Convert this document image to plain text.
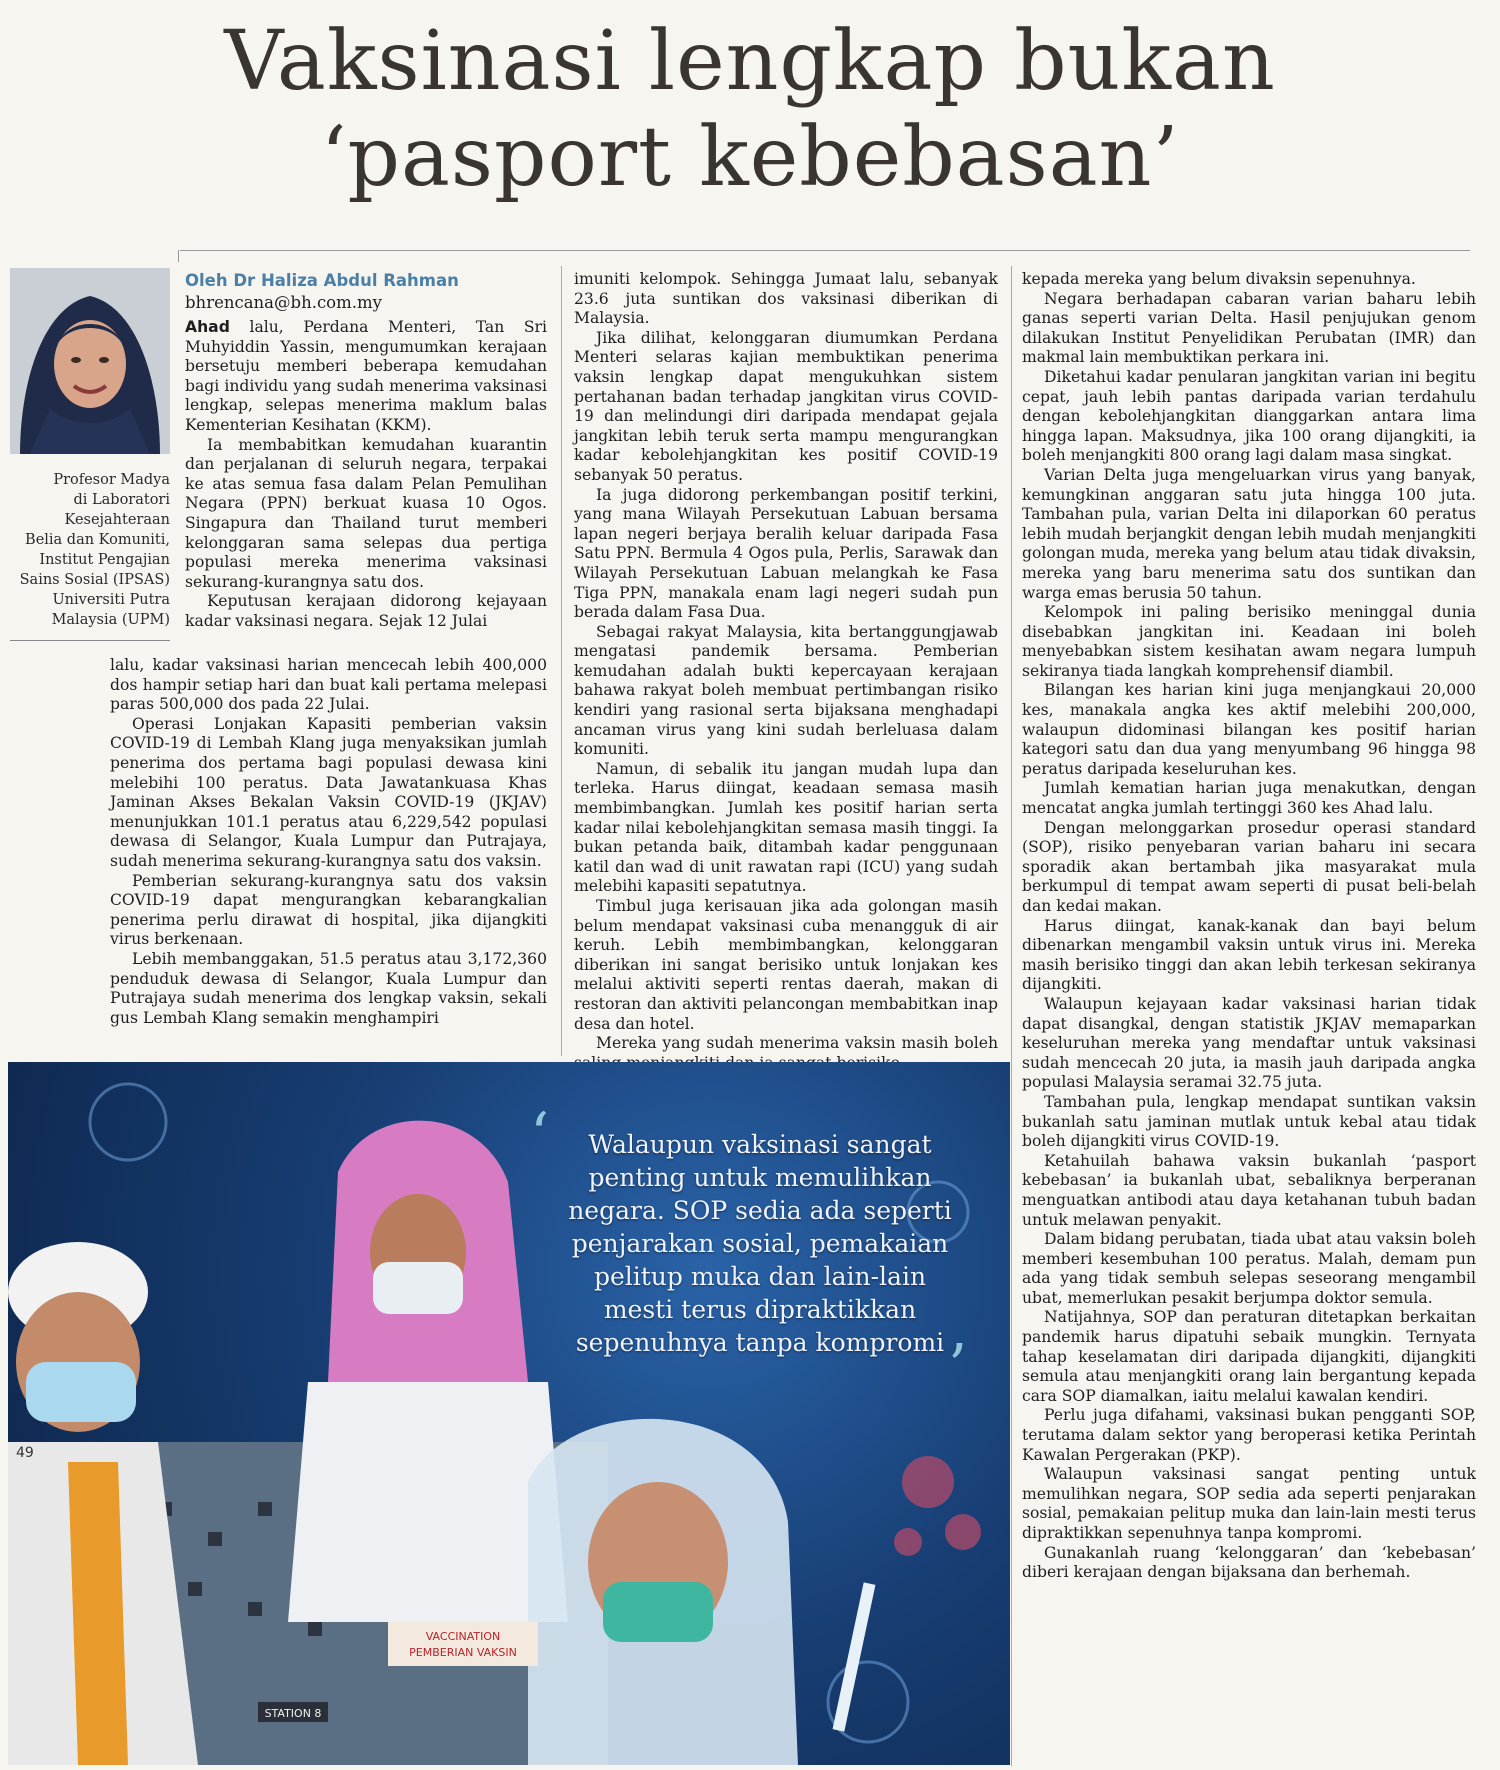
Vaksinasi lengkap bukan
‘pasport kebebasan’
Profesor Madya
di Laboratori
Kesejahteraan
Belia dan Komuniti,
Institut Pengajian
Sains Sosial (IPSAS)
Universiti Putra
Malaysia (UPM)
Oleh Dr Haliza Abdul Rahman
bhrencana@bh.com.my

Ahad lalu, Perdana Menteri, Tan Sri Muhyiddin Yassin, mengumumkan kerajaan bersetuju memberi beberapa kemudahan bagi individu yang sudah menerima vaksinasi lengkap, selepas menerima maklum balas Kementerian Kesihatan (KKM).

Ia membabitkan kemudahan kuarantin dan perjalanan di seluruh negara, terpakai ke atas semua fasa dalam Pelan Pemulihan Negara (PPN) berkuat kuasa 10 Ogos. Singapura dan Thailand turut memberi kelonggaran sama selepas dua pertiga populasi mereka menerima vaksinasi sekurang-kurangnya satu dos.

Keputusan kerajaan didorong kejayaan kadar vaksinasi negara. Sejak 12 Julai

lalu, kadar vaksinasi harian mencecah lebih 400,000 dos hampir setiap hari dan buat kali pertama melepasi paras 500,000 dos pada 22 Julai.

Operasi Lonjakan Kapasiti pemberian vaksin COVID-19 di Lembah Klang juga menyaksikan jumlah penerima dos pertama bagi populasi dewasa kini melebihi 100 peratus. Data Jawatankuasa Khas Jaminan Akses Bekalan Vaksin COVID-19 (JKJAV) menunjukkan 101.1 peratus atau 6,229,542 populasi dewasa di Selangor, Kuala Lumpur dan Putrajaya, sudah menerima sekurang-kurangnya satu dos vaksin.

Pemberian sekurang-kurangnya satu dos vaksin COVID-19 dapat mengurangkan kebarangkalian penerima perlu dirawat di hospital, jika dijangkiti virus berkenaan.

Lebih membanggakan, 51.5 peratus atau 3,172,360 penduduk dewasa di Selangor, Kuala Lumpur dan Putrajaya sudah menerima dos lengkap vaksin, sekali gus Lembah Klang semakin menghampiri

imuniti kelompok. Sehingga Jumaat lalu, sebanyak 23.6 juta suntikan dos vaksinasi diberikan di Malaysia.

Jika dilihat, kelonggaran diumumkan Perdana Menteri selaras kajian membuktikan penerima vaksin lengkap dapat mengukuhkan sistem pertahanan badan terhadap jangkitan virus COVID-19 dan melindungi diri daripada mendapat gejala jangkitan lebih teruk serta mampu mengurangkan kadar kebolehjangkitan kes positif COVID-19 sebanyak 50 peratus.

Ia juga didorong perkembangan positif terkini, yang mana Wilayah Persekutuan Labuan bersama lapan negeri berjaya beralih keluar daripada Fasa Satu PPN. Bermula 4 Ogos pula, Perlis, Sarawak dan Wilayah Persekutuan Labuan melangkah ke Fasa Tiga PPN, manakala enam lagi negeri sudah pun berada dalam Fasa Dua.

Sebagai rakyat Malaysia, kita bertanggungjawab mengatasi pandemik bersama. Pemberian kemudahan adalah bukti kepercayaan kerajaan bahawa rakyat boleh membuat pertimbangan risiko kendiri yang rasional serta bijaksana menghadapi ancaman virus yang kini sudah berleluasa dalam komuniti.

Namun, di sebalik itu jangan mudah lupa dan terleka. Harus diingat, keadaan semasa masih membimbangkan. Jumlah kes positif harian serta kadar nilai kebolehjangkitan semasa masih tinggi. Ia bukan petanda baik, ditambah kadar penggunaan katil dan wad di unit rawatan rapi (ICU) yang sudah melebihi kapasiti sepatutnya.

Timbul juga kerisauan jika ada golongan masih belum mendapat vaksinasi cuba menangguk di air keruh. Lebih membimbangkan, kelonggaran diberikan ini sangat berisiko untuk lonjakan kes melalui aktiviti seperti rentas daerah, makan di restoran dan aktiviti pelancongan membabitkan inap desa dan hotel.

Mereka yang sudah menerima vaksin masih boleh

kepada mereka yang belum divaksin sepenuhnya.

Negara berhadapan cabaran varian baharu lebih ganas seperti varian Delta. Hasil penjujukan genom dilakukan Institut Penyelidikan Perubatan (IMR) dan makmal lain membuktikan perkara ini.

Diketahui kadar penularan jangkitan varian ini begitu cepat, jauh lebih pantas daripada varian terdahulu dengan kebolehjangkitan dianggarkan antara lima hingga lapan. Maksudnya, jika 100 orang dijangkiti, ia boleh menjangkiti 800 orang lagi dalam masa singkat.

Varian Delta juga mengeluarkan virus yang banyak, kemungkinan anggaran satu juta hingga 100 juta. Tambahan pula, varian Delta ini dilaporkan 60 peratus lebih mudah berjangkit dengan lebih mudah menjangkiti golongan muda, mereka yang belum atau tidak divaksin, mereka yang baru menerima satu dos suntikan dan warga emas berusia 50 tahun.

Kelompok ini paling berisiko meninggal dunia disebabkan jangkitan ini. Keadaan ini boleh menyebabkan sistem kesihatan awam negara lumpuh sekiranya tiada langkah komprehensif diambil.

Bilangan kes harian kini juga menjangkaui 20,000 kes, manakala angka kes aktif melebihi 200,000, walaupun didominasi bilangan kes positif harian kategori satu dan dua yang menyumbang 96 hingga 98 peratus daripada keseluruhan kes.

Jumlah kematian harian juga menakutkan, dengan mencatat angka jumlah tertinggi 360 kes Ahad lalu.

Dengan melonggarkan prosedur operasi standard (SOP), risiko penyebaran varian baharu ini secara sporadik akan bertambah jika masyarakat mula berkumpul di tempat awam seperti di pusat beli-belah dan kedai makan.

Harus diingat, kanak-kanak dan bayi belum dibenarkan mengambil vaksin untuk virus ini. Mereka masih berisiko tinggi dan akan lebih terkesan sekiranya dijangkiti.

Walaupun kejayaan kadar vaksinasi harian tidak dapat disangkal, dengan statistik JKJAV memaparkan keseluruhan mereka yang mendaftar untuk vaksinasi sudah mencecah 20 juta, ia masih jauh daripada angka populasi Malaysia seramai 32.75 juta.

Tambahan pula, lengkap mendapat suntikan vaksin bukanlah satu jaminan mutlak untuk kebal atau tidak boleh dijangkiti virus COVID-19.

Ketahuilah bahawa vaksin bukanlah ‘pasport kebebasan’ ia bukanlah ubat, sebaliknya berperanan menguatkan antibodi atau daya ketahanan tubuh badan untuk melawan penyakit.

Dalam bidang perubatan, tiada ubat atau vaksin boleh memberi kesembuhan 100 peratus. Malah, demam pun ada yang tidak sembuh selepas seseorang mengambil ubat, memerlukan pesakit berjumpa doktor semula.

Natijahnya, SOP dan peraturan ditetapkan berkaitan pandemik harus dipatuhi sebaik mungkin. Ternyata tahap keselamatan diri daripada dijangkiti, dijangkiti semula atau menjangkiti orang lain bergantung kepada cara SOP diamalkan, iaitu melalui kawalan kendiri.

Perlu juga difahami, vaksinasi bukan pengganti SOP, terutama dalam sektor yang beroperasi ketika Perintah Kawalan Pergerakan (PKP).

Walaupun vaksinasi sangat penting untuk memulihkan negara, SOP sedia ada seperti penjarakan sosial, pemakaian pelitup muka dan lain-lain mesti terus dipraktikkan sepenuhnya tanpa kompromi.

Gunakanlah ruang ‘kelonggaran’ dan ‘kebebasan’ diberi kerajaan dengan bijaksana dan berhemah.

VACCINATION
PEMBERIAN VAKSIN
STATION 8
49
‘	Walaupun vaksinasi sangat penting untuk memulihkan negara. SOP sedia ada seperti penjarakan sosial, pemakaian pelitup muka dan lain-lain mesti terus dipraktikkan sepenuhnya tanpa kompromi ’
